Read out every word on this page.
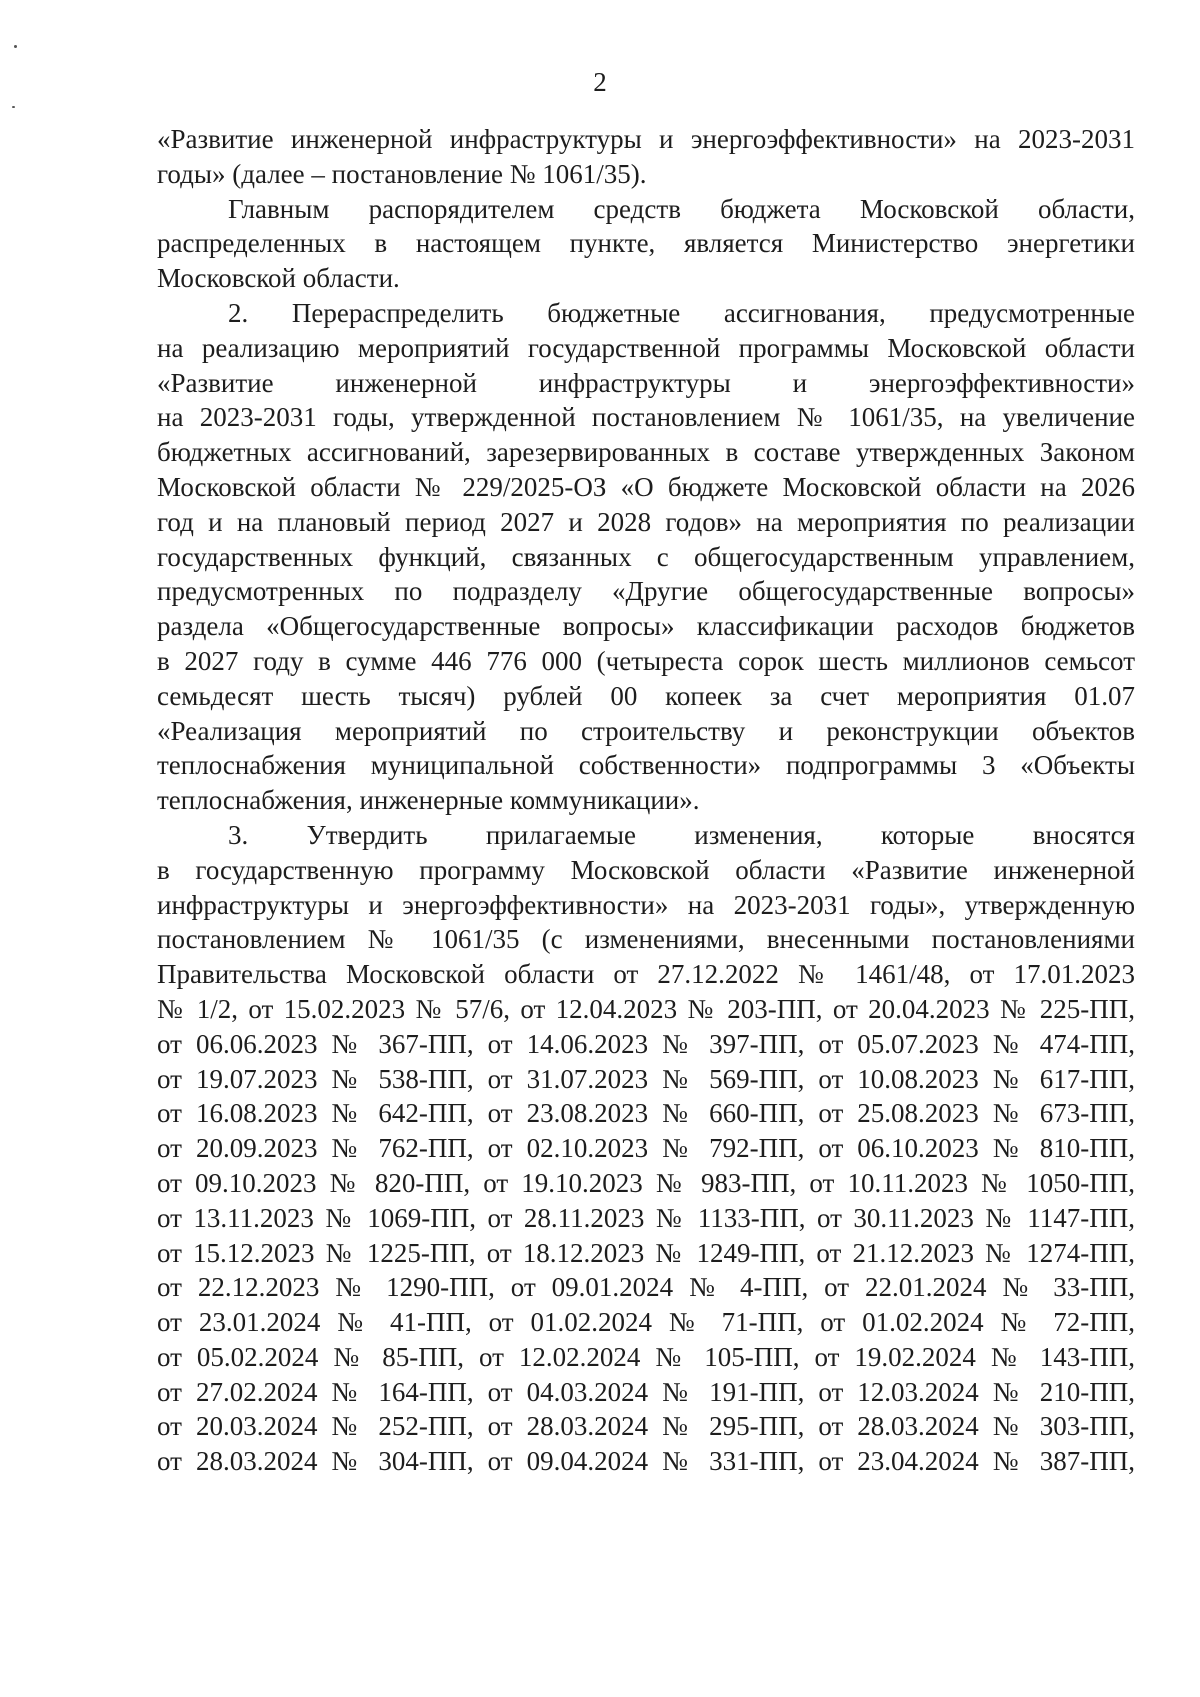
2
«Развитие инженерной инфраструктуры и энергоэффективности» на 2023-2031
годы» (далее – постановление № 1061/35).
Главным распорядителем средств бюджета Московской области,
распределенных в настоящем пункте, является Министерство энергетики
Московской области.
2. Перераспределить бюджетные ассигнования, предусмотренные
на реализацию мероприятий государственной программы Московской области
«Развитие инженерной инфраструктуры и энергоэффективности»
на 2023-2031 годы, утвержденной постановлением № 1061/35, на увеличение
бюджетных ассигнований, зарезервированных в составе утвержденных Законом
Московской области № 229/2025-ОЗ «О бюджете Московской области на 2026
год и на плановый период 2027 и 2028 годов» на мероприятия по реализации
государственных функций, связанных с общегосударственным управлением,
предусмотренных по подразделу «Другие общегосударственные вопросы»
раздела «Общегосударственные вопросы» классификации расходов бюджетов
в 2027 году в сумме 446 776 000 (четыреста сорок шесть миллионов семьсот
семьдесят шесть тысяч) рублей 00 копеек за счет мероприятия 01.07
«Реализация мероприятий по строительству и реконструкции объектов
теплоснабжения муниципальной собственности» подпрограммы 3 «Объекты
теплоснабжения, инженерные коммуникации».
3. Утвердить прилагаемые изменения, которые вносятся
в государственную программу Московской области «Развитие инженерной
инфраструктуры и энергоэффективности» на 2023-2031 годы», утвержденную
постановлением № 1061/35 (с изменениями, внесенными постановлениями
Правительства Московской области от 27.12.2022 № 1461/48, от 17.01.2023
№ 1/2, от 15.02.2023 № 57/6, от 12.04.2023 № 203-ПП, от 20.04.2023 № 225-ПП,
от 06.06.2023 № 367-ПП, от 14.06.2023 № 397-ПП, от 05.07.2023 № 474-ПП,
от 19.07.2023 № 538-ПП, от 31.07.2023 № 569-ПП, от 10.08.2023 № 617-ПП,
от 16.08.2023 № 642-ПП, от 23.08.2023 № 660-ПП, от 25.08.2023 № 673-ПП,
от 20.09.2023 № 762-ПП, от 02.10.2023 № 792-ПП, от 06.10.2023 № 810-ПП,
от 09.10.2023 № 820-ПП, от 19.10.2023 № 983-ПП, от 10.11.2023 № 1050-ПП,
от 13.11.2023 № 1069-ПП, от 28.11.2023 № 1133-ПП, от 30.11.2023 № 1147-ПП,
от 15.12.2023 № 1225-ПП, от 18.12.2023 № 1249-ПП, от 21.12.2023 № 1274-ПП,
от 22.12.2023 № 1290-ПП, от 09.01.2024 № 4-ПП, от 22.01.2024 № 33-ПП,
от 23.01.2024 № 41-ПП, от 01.02.2024 № 71-ПП, от 01.02.2024 № 72-ПП,
от 05.02.2024 № 85-ПП, от 12.02.2024 № 105-ПП, от 19.02.2024 № 143-ПП,
от 27.02.2024 № 164-ПП, от 04.03.2024 № 191-ПП, от 12.03.2024 № 210-ПП,
от 20.03.2024 № 252-ПП, от 28.03.2024 № 295-ПП, от 28.03.2024 № 303-ПП,
от 28.03.2024 № 304-ПП, от 09.04.2024 № 331-ПП, от 23.04.2024 № 387-ПП,
